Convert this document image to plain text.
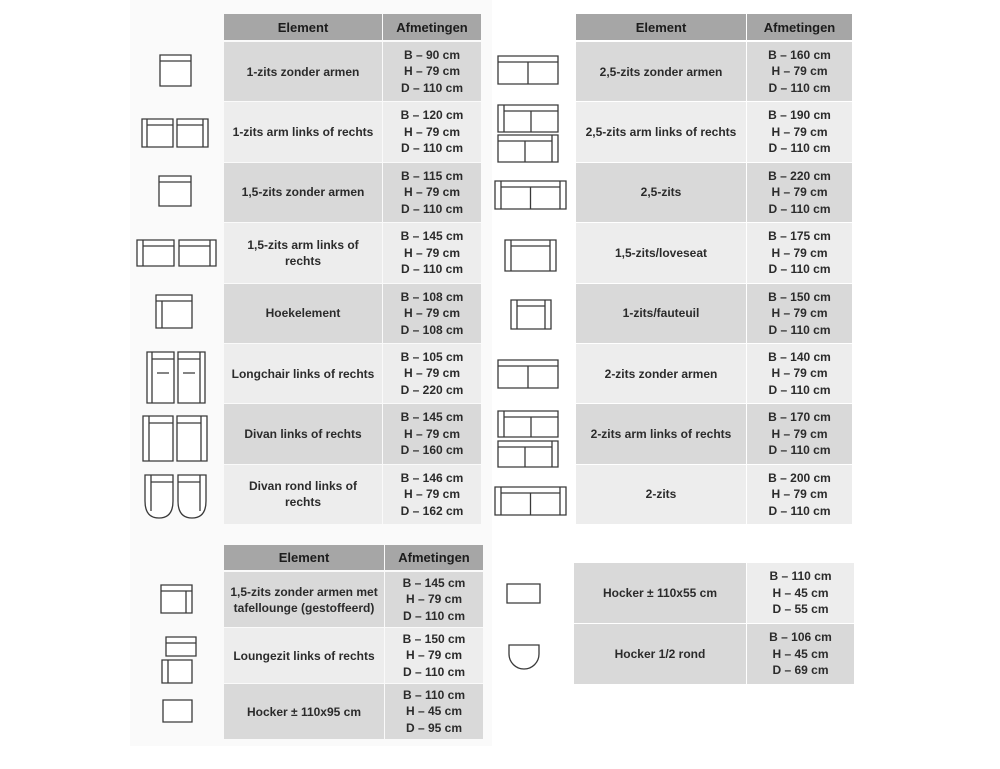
Element	Afmetingen
1-zits zonder armen
B – 90 cm
H – 79 cm
D – 110 cm
1-zits arm links of rechts
B – 120 cm
H – 79 cm
D – 110 cm
1,5-zits zonder armen
B – 115 cm
H – 79 cm
D – 110 cm
1,5-zits arm links of rechts
B – 145 cm
H – 79 cm
D – 110 cm
Hoekelement
B – 108 cm
H – 79 cm
D – 108 cm
Longchair links of rechts
B – 105 cm
H – 79 cm
D – 220 cm
Divan links of rechts
B – 145 cm
H – 79 cm
D – 160 cm
Divan rond links of rechts
B – 146 cm
H – 79 cm
D – 162 cm
Element	Afmetingen
2,5-zits zonder armen
B – 160 cm
H – 79 cm
D – 110 cm
2,5-zits arm links of rechts
B – 190 cm
H – 79 cm
D – 110 cm
2,5-zits
B – 220 cm
H – 79 cm
D – 110 cm
1,5-zits/loveseat
B – 175 cm
H – 79 cm
D – 110 cm
1-zits/fauteuil
B – 150 cm
H – 79 cm
D – 110 cm
2-zits zonder armen
B – 140 cm
H – 79 cm
D – 110 cm
2-zits arm links of rechts
B – 170 cm
H – 79 cm
D – 110 cm
2-zits
B – 200 cm
H – 79 cm
D – 110 cm
Element	Afmetingen
1,5-zits zonder armen met tafellounge (gestoffeerd)
B – 145 cm
H – 79 cm
D – 110 cm
Loungezit links of rechts
B – 150 cm
H – 79 cm
D – 110 cm
Hocker ± 110x95 cm
B – 110 cm
H – 45 cm
D – 95 cm
Hocker ± 110x55 cm
B – 110 cm
H – 45 cm
D – 55 cm
Hocker 1/2 rond
B – 106 cm
H – 45 cm
D – 69 cm
